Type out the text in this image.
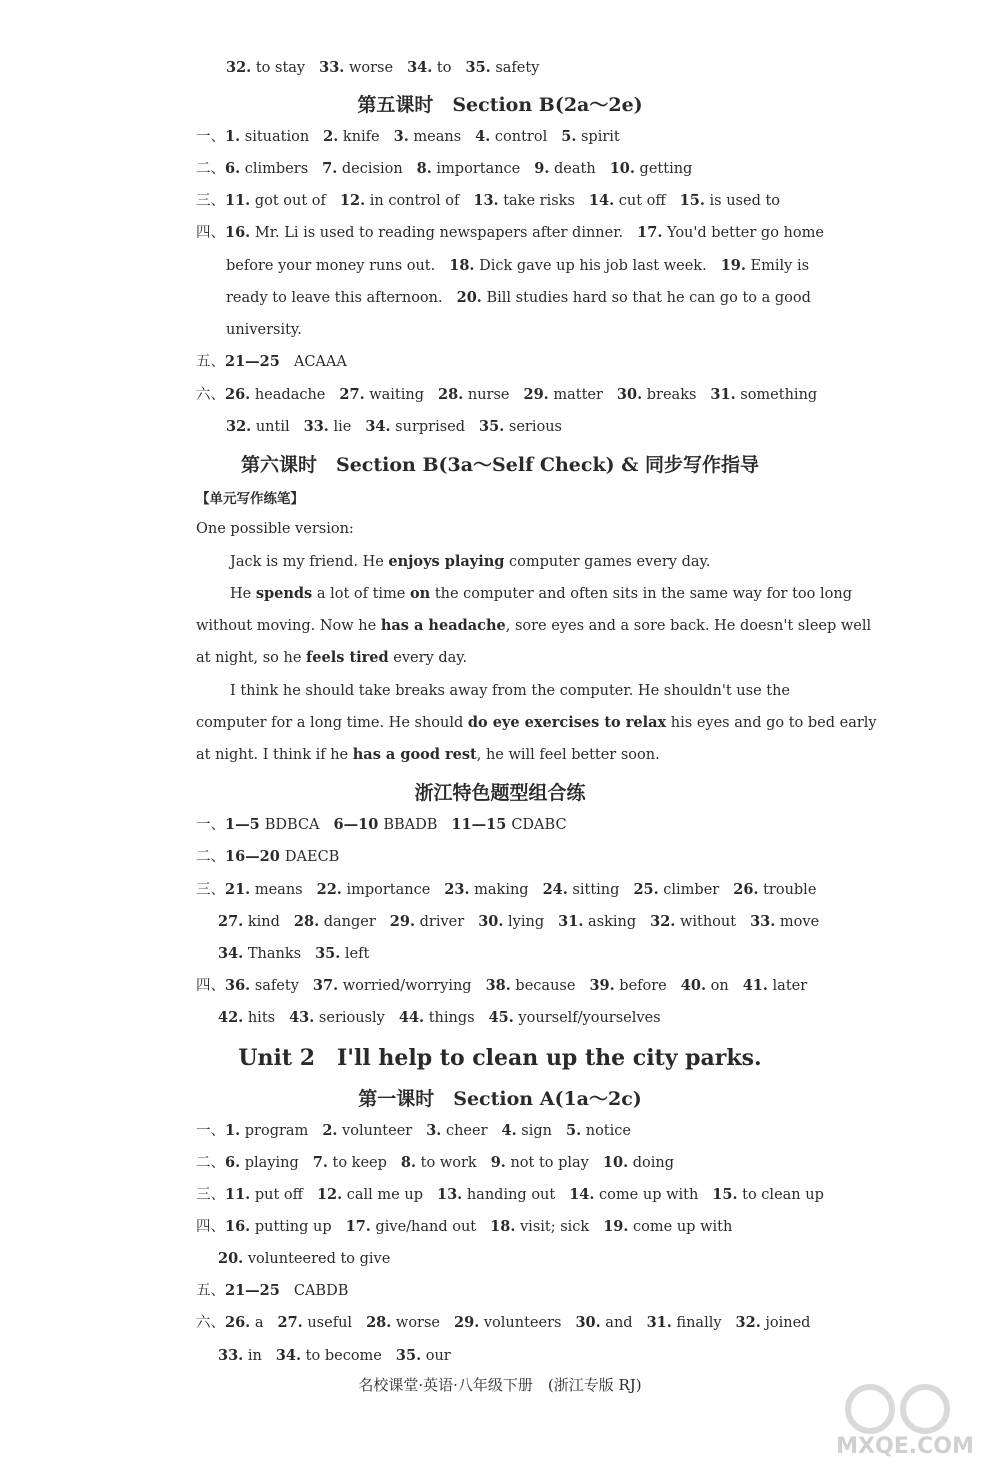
32. to stay 33. worse 34. to 35. safety
第五课时　Section B(2a～2e)
一、1. situation 2. knife 3. means 4. control 5. spirit
二、6. climbers 7. decision 8. importance 9. death 10. getting
三、11. got out of 12. in control of 13. take risks 14. cut off 15. is used to
四、16. Mr. Li is used to reading newspapers after dinner. 17. You'd better go home
before your money runs out. 18. Dick gave up his job last week. 19. Emily is
ready to leave this afternoon. 20. Bill studies hard so that he can go to a good
university.
五、21—25 ACAAA
六、26. headache 27. waiting 28. nurse 29. matter 30. breaks 31. something
32. until 33. lie 34. surprised 35. serious
第六课时　Section B(3a～Self Check) & 同步写作指导
【单元写作练笔】
One possible version:
Jack is my friend. He enjoys playing computer games every day.
He spends a lot of time on the computer and often sits in the same way for too long
without moving. Now he has a headache, sore eyes and a sore back. He doesn't sleep well
at night, so he feels tired every day.
I think he should take breaks away from the computer. He shouldn't use the
computer for a long time. He should do eye exercises to relax his eyes and go to bed early
at night. I think if he has a good rest, he will feel better soon.
浙江特色题型组合练
一、1—5 BDBCA 6—10 BBADB 11—15 CDABC
二、16—20 DAECB
三、21. means 22. importance 23. making 24. sitting 25. climber 26. trouble
27. kind 28. danger 29. driver 30. lying 31. asking 32. without 33. move
34. Thanks 35. left
四、36. safety 37. worried/worrying 38. because 39. before 40. on 41. later
42. hits 43. seriously 44. things 45. yourself/yourselves
Unit 2　I'll help to clean up the city parks.
第一课时　Section A(1a～2c)
一、1. program 2. volunteer 3. cheer 4. sign 5. notice
二、6. playing 7. to keep 8. to work 9. not to play 10. doing
三、11. put off 12. call me up 13. handing out 14. come up with 15. to clean up
四、16. putting up 17. give/hand out 18. visit; sick 19. come up with
20. volunteered to give
五、21—25 CABDB
六、26. a 27. useful 28. worse 29. volunteers 30. and 31. finally 32. joined
33. in 34. to become 35. our
名校课堂·英语·八年级下册　(浙江专版 RJ)
MXQE.COM
